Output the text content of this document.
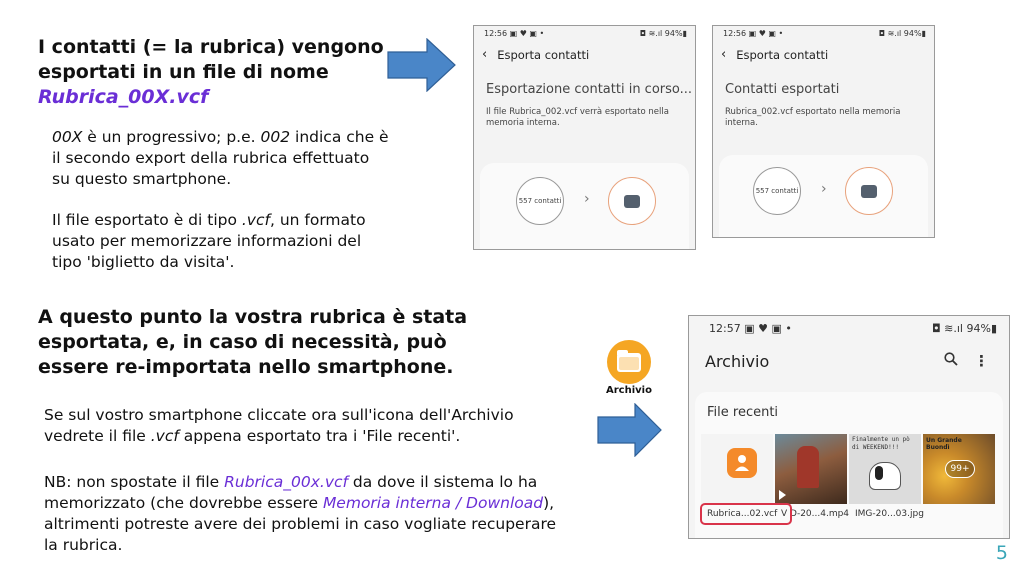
I contatti (= la rubrica) vengono
esportati in un file di nome
Rubrica_00X.vcf
00X è un progressivo; p.e. 002 indica che è
il secondo export della rubrica effettuato
su questo smartphone.
Il file esportato è di tipo .vcf, un formato
usato per memorizzare informazioni del
tipo 'biglietto da visita'.
12:56 ▣ ♥ ▣ •	◘ ≋.ıl 94%▮
‹ Esporta contatti
Esportazione contatti in corso...
Il file Rubrica_002.vcf verrà esportato nella memoria interna.
557 contatti ›
12:56 ▣ ♥ ▣ •	◘ ≋.ıl 94%▮
‹ Esporta contatti
Contatti esportati
Rubrica_002.vcf esportato nella memoria interna.
557 contatti ›
A questo punto la vostra rubrica è stata
esportata, e, in caso di necessità, può
essere re-importata nello smartphone.
Se sul vostro smartphone cliccate ora sull'icona dell'Archivio
vedrete il file .vcf appena esportato tra i 'File recenti'.
NB: non spostate il file Rubrica_00x.vcf da dove il sistema lo ha
memorizzato (che dovrebbe essere Memoria interna / Download),
altrimenti potreste avere dei problemi in caso vogliate recuperare
la rubrica.
Archivio
12:57 ▣ ♥ ▣ •	◘ ≋.ıl 94%▮
Archivio	⋮
File recenti
Finalmente un pò di WEEKEND!!!
Un Grande Buondì
99+
Rubrica...02.vcf V D-20...4.mp4 IMG-20...03.jpg
5
